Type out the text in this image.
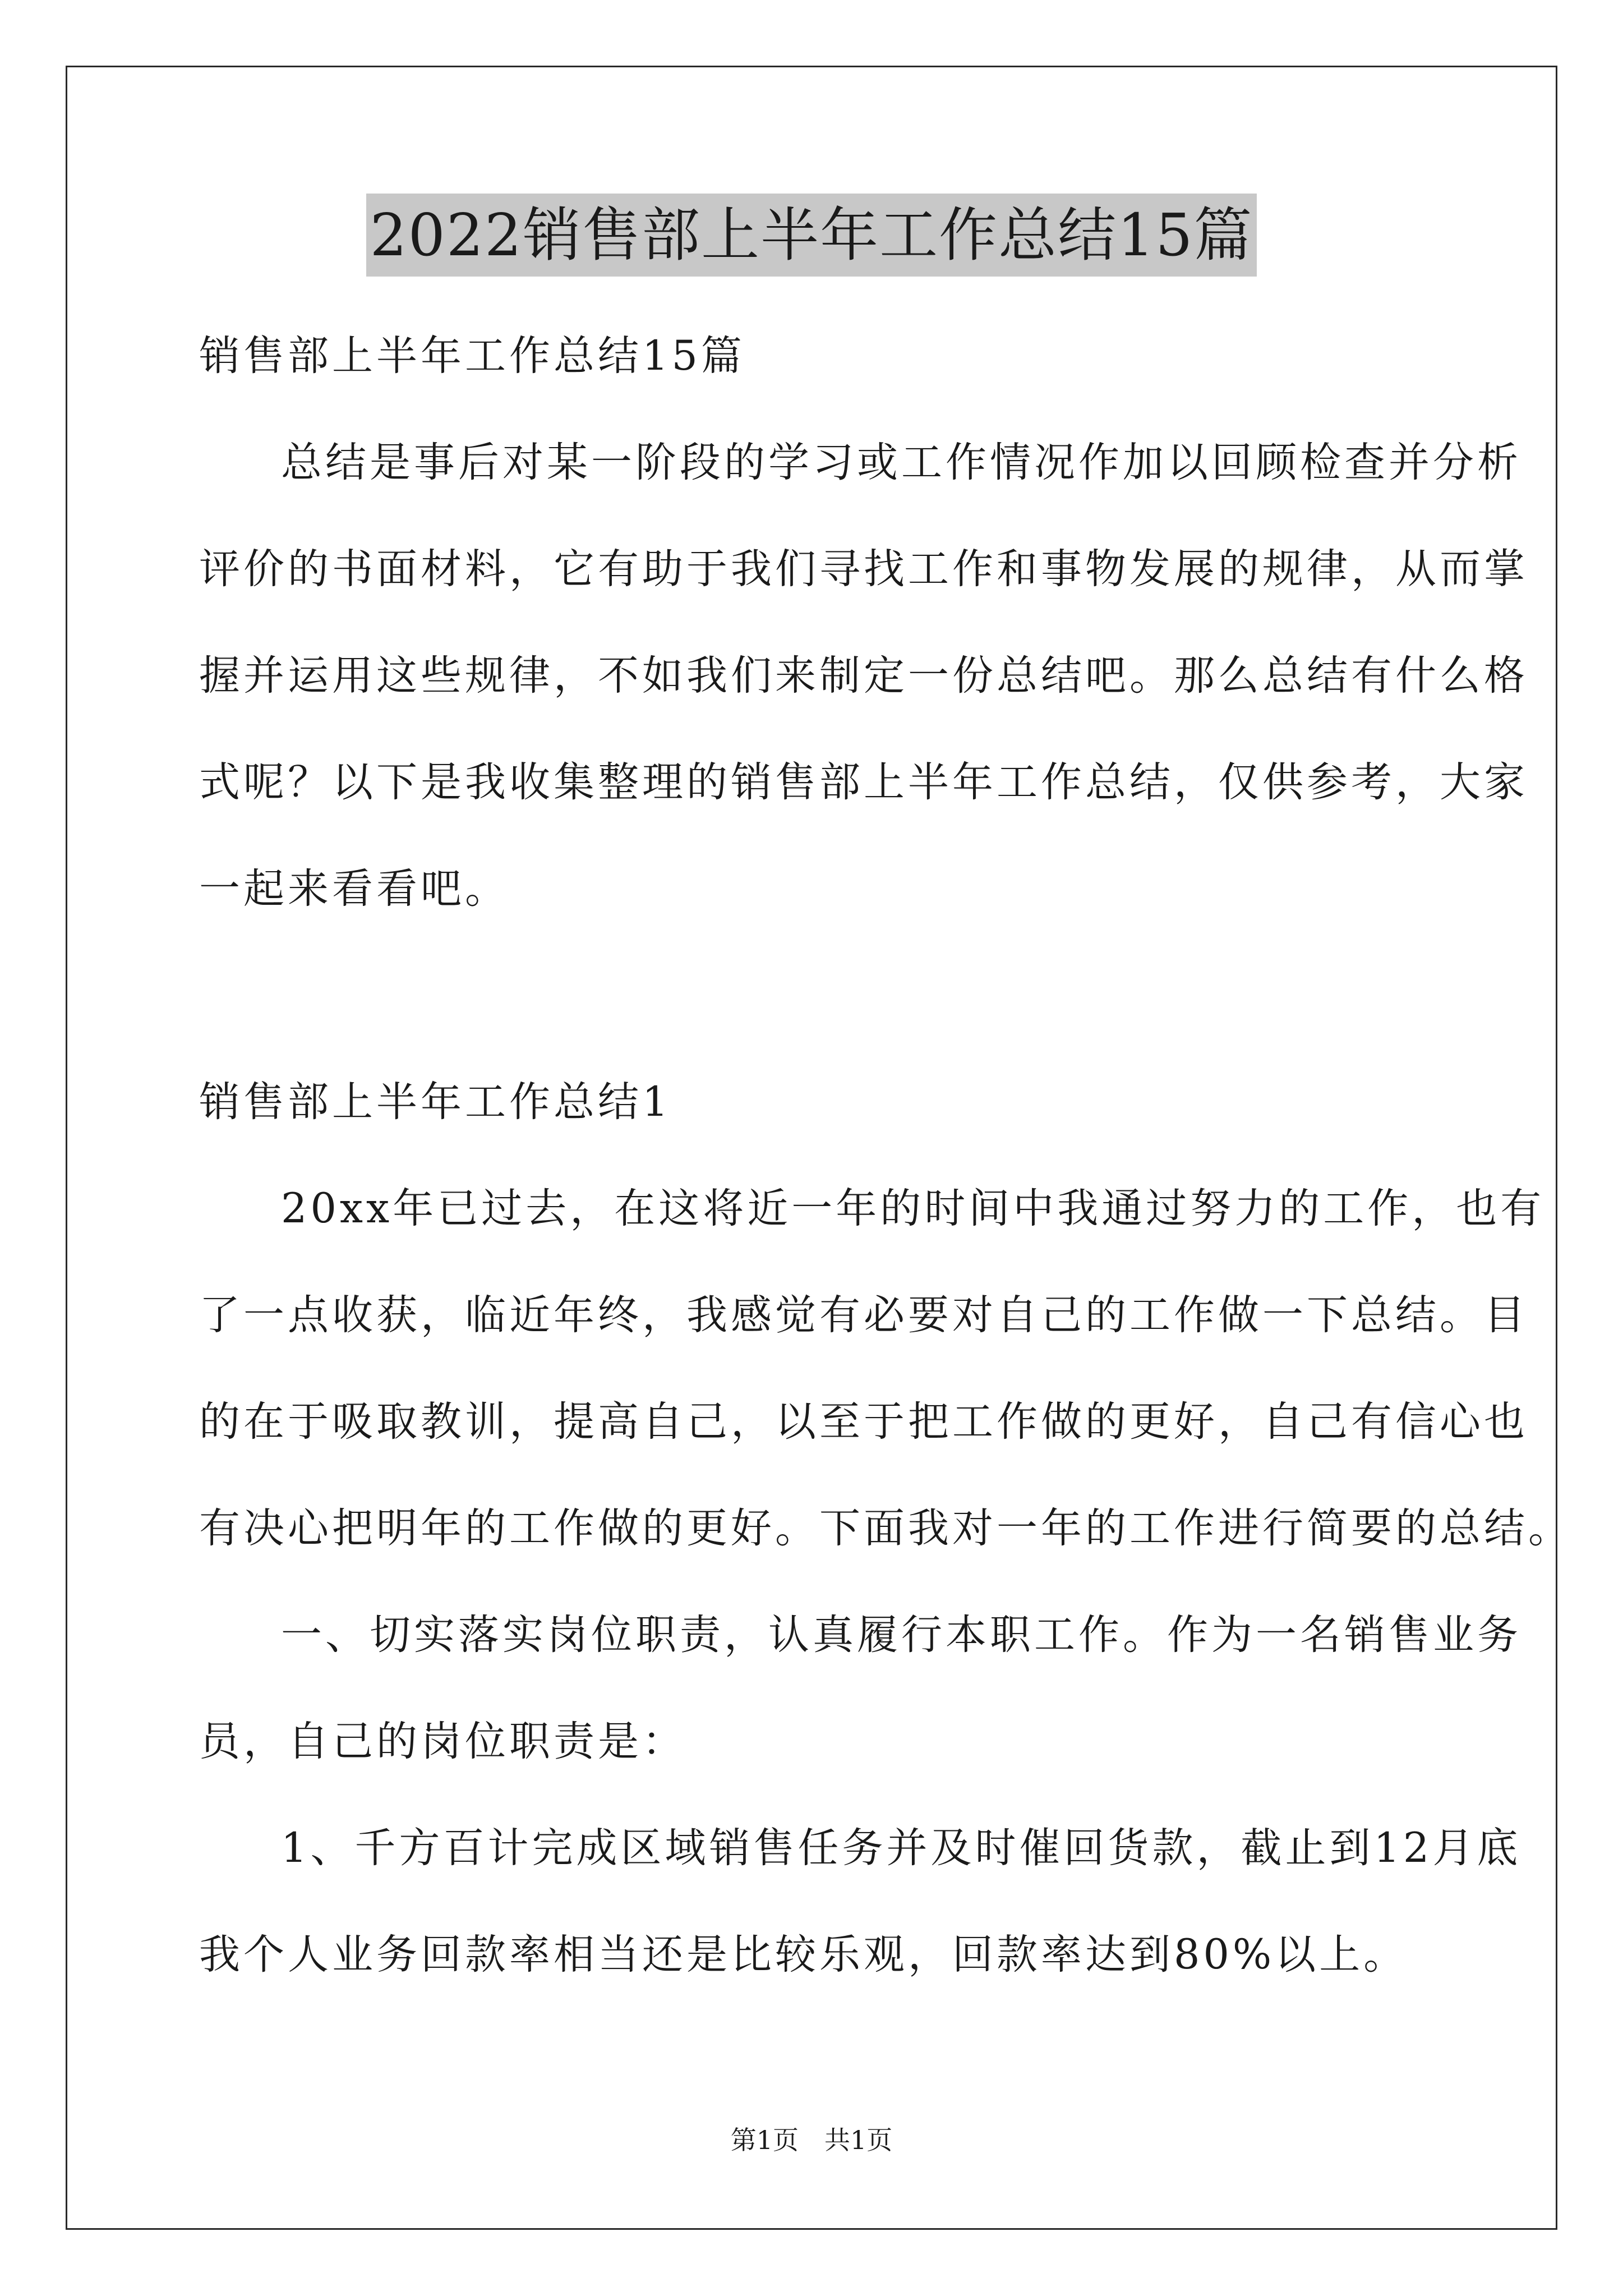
2022销售部上半年工作总结15篇
销售部上半年工作总结15篇
总结是事后对某一阶段的学习或工作情况作加以回顾检查并分析
评价的书面材料，它有助于我们寻找工作和事物发展的规律，从而掌
握并运用这些规律，不如我们来制定一份总结吧。那么总结有什么格
式呢？以下是我收集整理的销售部上半年工作总结，仅供参考，大家
一起来看看吧。
销售部上半年工作总结1
20xx年已过去，在这将近一年的时间中我通过努力的工作，也有
了一点收获，临近年终，我感觉有必要对自己的工作做一下总结。目
的在于吸取教训，提高自己，以至于把工作做的更好，自己有信心也
有决心把明年的工作做的更好。下面我对一年的工作进行简要的总结。
一、切实落实岗位职责，认真履行本职工作。作为一名销售业务
员，自己的岗位职责是：
1、千方百计完成区域销售任务并及时催回货款，截止到12月底
我个人业务回款率相当还是比较乐观，回款率达到80%以上。
第1页 共1页
